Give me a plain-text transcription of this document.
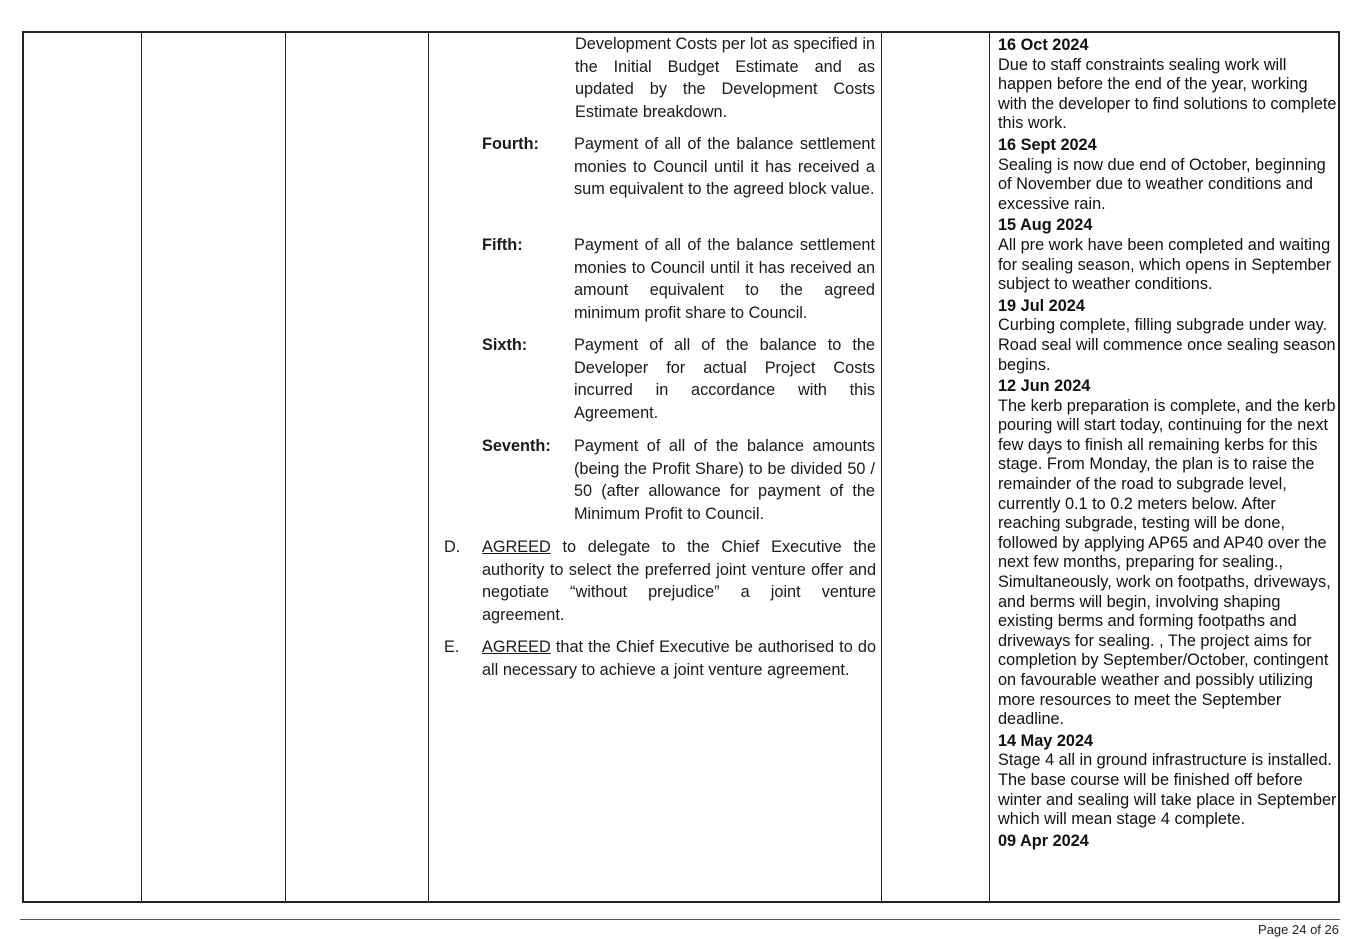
Development Costs per lot as specified in the Initial Budget Estimate and as updated by the Development Costs Estimate breakdown.
Fourth:	Payment of all of the balance settlement monies to Council until it has received a sum equivalent to the agreed block value.
Fifth:	Payment of all of the balance settlement monies to Council until it has received an amount equivalent to the agreed minimum profit share to Council.
Sixth:	Payment of all of the balance to the Developer for actual Project Costs incurred in accordance with this Agreement.
Seventh:	Payment of all of the balance amounts (being the Profit Share) to be divided 50 / 50 (after allowance for payment of the Minimum Profit to Council.
D.	AGREED to delegate to the Chief Executive the authority to select the preferred joint venture offer and negotiate “without prejudice” a joint venture agreement.
E.	AGREED that the Chief Executive be authorised to do all necessary to achieve a joint venture agreement.

16 Oct 2024

Due to staff constraints sealing work will happen before the end of the year, working with the developer to find solutions to complete this work.

16 Sept 2024

Sealing is now due end of October, beginning of November due to weather conditions and excessive rain.

15 Aug 2024

All pre work have been completed and waiting for sealing season, which opens in September subject to weather conditions.

19 Jul 2024

Curbing complete, filling subgrade under way. Road seal will commence once sealing season begins.

12 Jun 2024

The kerb preparation is complete, and the kerb pouring will start today, continuing for the next few days to finish all remaining kerbs for this stage. From Monday, the plan is to raise the remainder of the road to subgrade level, currently 0.1 to 0.2 meters below. After reaching subgrade, testing will be done, followed by applying AP65 and AP40 over the next few months, preparing for sealing., Simultaneously, work on footpaths, driveways, and berms will begin, involving shaping existing berms and forming footpaths and driveways for sealing. , The project aims for completion by September/October, contingent on favourable weather and possibly utilizing more resources to meet the September deadline.

14 May 2024

Stage 4 all in ground infrastructure is installed. The base course will be finished off before winter and sealing will take place in September which will mean stage 4 complete.

09 Apr 2024

Page 24 of 26
